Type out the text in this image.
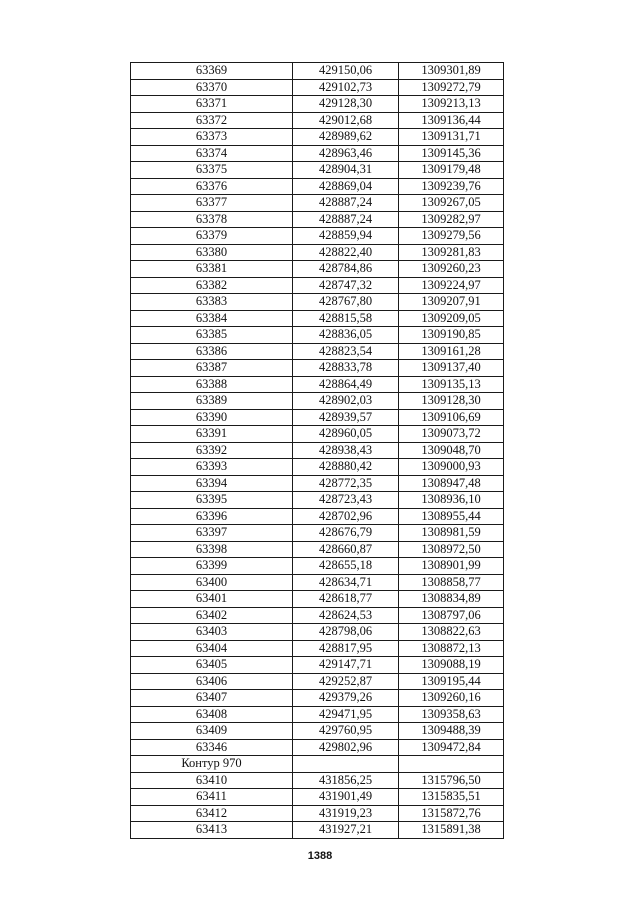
63369	429150,06	1309301,89
63370	429102,73	1309272,79
63371	429128,30	1309213,13
63372	429012,68	1309136,44
63373	428989,62	1309131,71
63374	428963,46	1309145,36
63375	428904,31	1309179,48
63376	428869,04	1309239,76
63377	428887,24	1309267,05
63378	428887,24	1309282,97
63379	428859,94	1309279,56
63380	428822,40	1309281,83
63381	428784,86	1309260,23
63382	428747,32	1309224,97
63383	428767,80	1309207,91
63384	428815,58	1309209,05
63385	428836,05	1309190,85
63386	428823,54	1309161,28
63387	428833,78	1309137,40
63388	428864,49	1309135,13
63389	428902,03	1309128,30
63390	428939,57	1309106,69
63391	428960,05	1309073,72
63392	428938,43	1309048,70
63393	428880,42	1309000,93
63394	428772,35	1308947,48
63395	428723,43	1308936,10
63396	428702,96	1308955,44
63397	428676,79	1308981,59
63398	428660,87	1308972,50
63399	428655,18	1308901,99
63400	428634,71	1308858,77
63401	428618,77	1308834,89
63402	428624,53	1308797,06
63403	428798,06	1308822,63
63404	428817,95	1308872,13
63405	429147,71	1309088,19
63406	429252,87	1309195,44
63407	429379,26	1309260,16
63408	429471,95	1309358,63
63409	429760,95	1309488,39
63346	429802,96	1309472,84
Контур 970		
63410	431856,25	1315796,50
63411	431901,49	1315835,51
63412	431919,23	1315872,76
63413	431927,21	1315891,38
1388
